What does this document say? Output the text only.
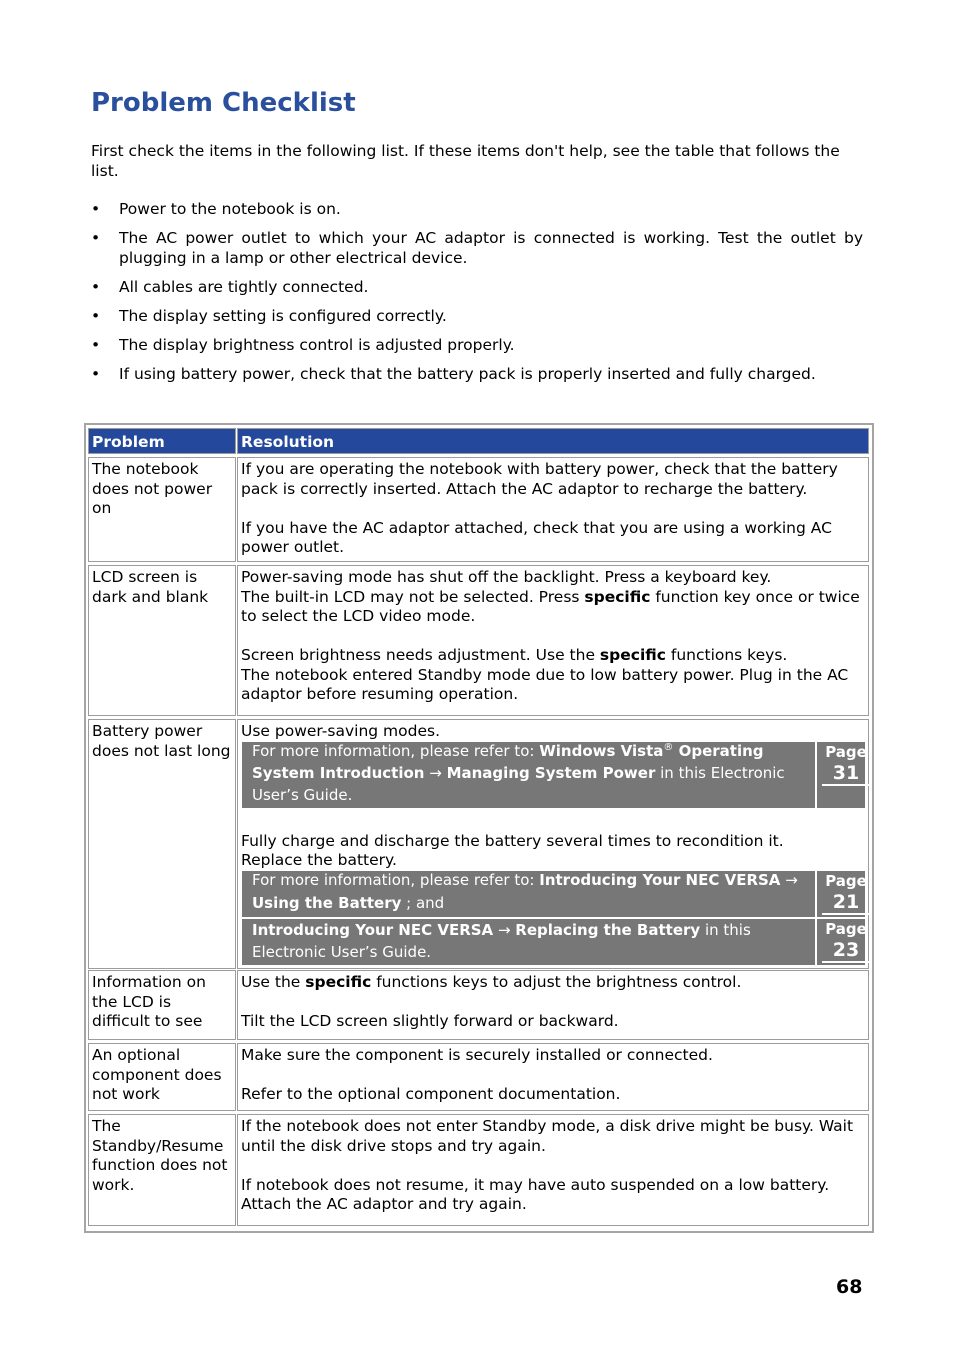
Problem Checklist

First check the items in the following list. If these items don't help, see the table that follows the list.

• Power to the notebook is on.
• The AC power outlet to which your AC adaptor is connected is working. Test the outlet by plugging in a lamp or other electrical device.
• All cables are tightly connected.
• The display setting is configured correctly.
• The display brightness control is adjusted properly.
• If using battery power, check that the battery pack is properly inserted and fully charged.
Problem	Resolution

The notebook does not power on

If you are operating the notebook with battery power, check that the battery pack is correctly inserted. Attach the AC adaptor to recharge the battery.

If you have the AC adaptor attached, check that you are using a working AC power outlet.

LCD screen is dark and blank

Power-saving mode has shut off the backlight. Press a keyboard key.

The built-in LCD may not be selected. Press specific function key once or twice to select the LCD video mode.

Screen brightness needs adjustment. Use the specific functions keys.

The notebook entered Standby mode due to low battery power. Plug in the AC adaptor before resuming operation.

Battery power does not last long

Use power-saving modes.

For more information, please refer to: Windows Vista® Operating System Introduction → Managing System Power in this Electronic User’s Guide.
Page
31

Fully charge and discharge the battery several times to recondition it.

Replace the battery.

For more information, please refer to: Introducing Your NEC VERSA → Using the Battery ; and
Page
21
Introducing Your NEC VERSA → Replacing the Battery in this Electronic User’s Guide.
Page
23

Information on the LCD is difficult to see

Use the specific functions keys to adjust the brightness control.

Tilt the LCD screen slightly forward or backward.

An optional component does not work

Make sure the component is securely installed or connected.

Refer to the optional component documentation.

The Standby/Resume function does not work.

If the notebook does not enter Standby mode, a disk drive might be busy. Wait until the disk drive stops and try again.

If notebook does not resume, it may have auto suspended on a low battery. Attach the AC adaptor and try again.

68
